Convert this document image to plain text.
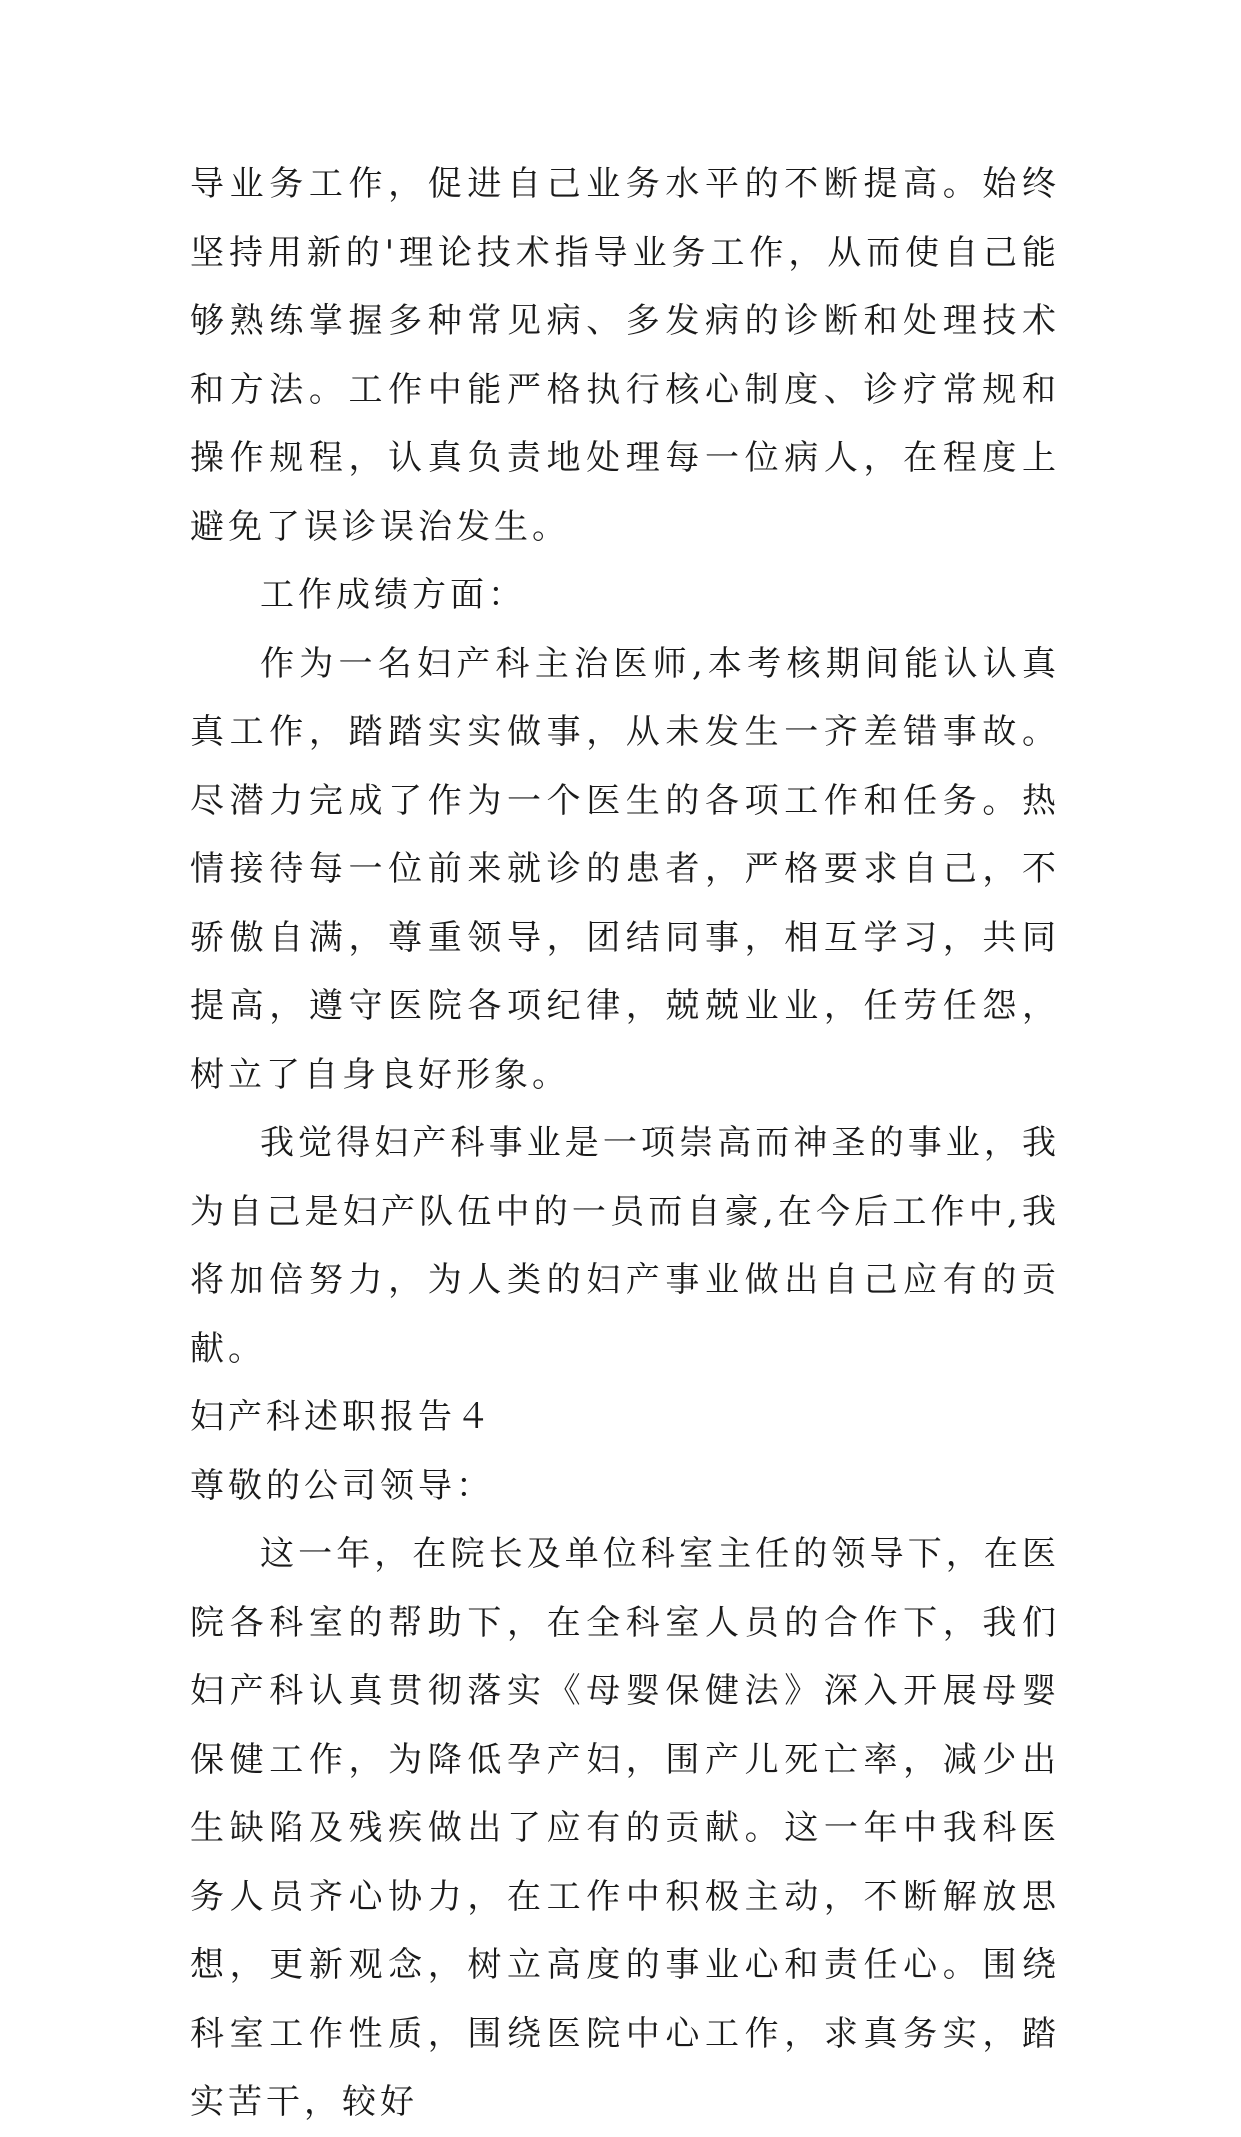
导业务工作，促进自己业务水平的不断提高。始终坚持用新的'理论技术指导业务工作，从而使自己能够熟练掌握多种常见病、多发病的诊断和处理技术和方法。工作中能严格执行核心制度、诊疗常规和操作规程，认真负责地处理每一位病人，在程度上避免了误诊误治发生。

工作成绩方面：

作为一名妇产科主治医师,本考核期间能认认真真工作，踏踏实实做事，从未发生一齐差错事故。尽潜力完成了作为一个医生的各项工作和任务。热情接待每一位前来就诊的患者，严格要求自己，不骄傲自满，尊重领导，团结同事，相互学习，共同提高，遵守医院各项纪律，兢兢业业，任劳任怨，树立了自身良好形象。

我觉得妇产科事业是一项崇高而神圣的事业，我为自己是妇产队伍中的一员而自豪,在今后工作中,我将加倍努力，为人类的妇产事业做出自己应有的贡献。

妇产科述职报告４

尊敬的公司领导：

这一年，在院长及单位科室主任的领导下，在医院各科室的帮助下，在全科室人员的合作下，我们妇产科认真贯彻落实《母婴保健法》深入开展母婴保健工作，为降低孕产妇，围产儿死亡率，减少出生缺陷及残疾做出了应有的贡献。这一年中我科医务人员齐心协力，在工作中积极主动，不断解放思想，更新观念，树立高度的事业心和责任心。围绕科室工作性质，围绕医院中心工作，求真务实，踏实苦干，较好
